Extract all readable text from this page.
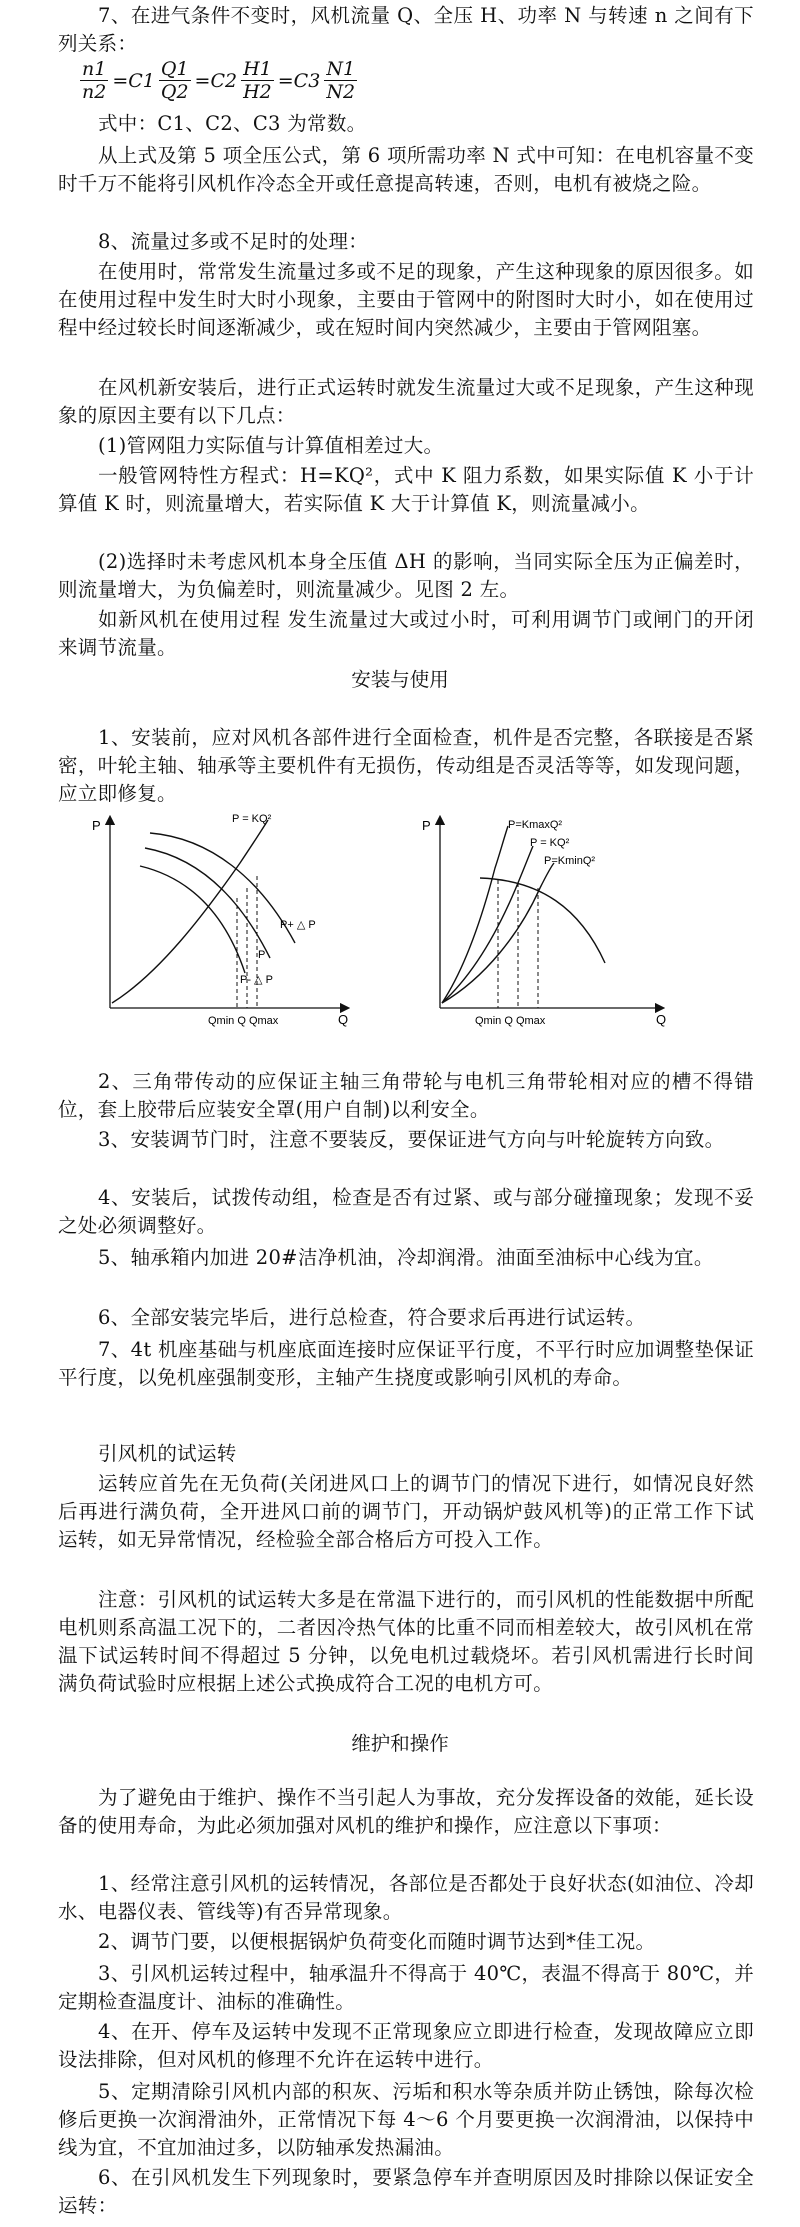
7、在进气条件不变时，风机流量 Q、全压 H、功率 N 与转速 n 之间有下列关系：

$\frac{n1}{n2} =C1 \frac{Q1}{Q2} =C2 \frac{H1}{H2} =C3 \frac{N1}{N2}$

式中：C1、C2、C3 为常数。

从上式及第 5 项全压公式，第 6 项所需功率 N 式中可知：在电机容量不变时千万不能将引风机作冷态全开或任意提高转速，否则，电机有被烧之险。

8、流量过多或不足时的处理：

在使用时，常常发生流量过多或不足的现象，产生这种现象的原因很多。如在使用过程中发生时大时小现象，主要由于管网中的附图时大时小，如在使用过程中经过较长时间逐渐减少，或在短时间内突然减少，主要由于管网阻塞。

在风机新安装后，进行正式运转时就发生流量过大或不足现象，产生这种现象的原因主要有以下几点：

(1)管网阻力实际值与计算值相差过大。

一般管网特性方程式：H=KQ²，式中 K 阻力系数，如果实际值 K 小于计算值 K 时，则流量增大，若实际值 K 大于计算值 K，则流量减小。

(2)选择时未考虑风机本身全压值 ΔH 的影响，当同实际全压为正偏差时，则流量增大，为负偏差时，则流量减少。见图 2 左。

如新风机在使用过程 发生流量过大或过小时，可利用调节门或闸门的开闭来调节流量。

安装与使用

1、安装前，应对风机各部件进行全面检查，机件是否完整，各联接是否紧密，叶轮主轴、轴承等主要机件有无损伤，传动组是否灵活等等，如发现问题，应立即修复。

P
Q
P = KQ²
P+ △ P
P
P- △ P
Qmin Q Qmax
P
Q
P=KmaxQ²
P = KQ²
P=KminQ²
Qmin Q Qmax

2、三角带传动的应保证主轴三角带轮与电机三角带轮相对应的槽不得错位，套上胶带后应装安全罩(用户自制)以利安全。

3、安装调节门时，注意不要装反，要保证进气方向与叶轮旋转方向致。

4、安装后，试拨传动组，检查是否有过紧、或与部分碰撞现象；发现不妥之处必须调整好。

5、轴承箱内加进 20#洁净机油，冷却润滑。油面至油标中心线为宜。

6、全部安装完毕后，进行总检查，符合要求后再进行试运转。

7、4t 机座基础与机座底面连接时应保证平行度，不平行时应加调整垫保证平行度，以免机座强制变形，主轴产生挠度或影响引风机的寿命。

引风机的试运转

运转应首先在无负荷(关闭进风口上的调节门的情况下进行，如情况良好然后再进行满负荷，全开进风口前的调节门，开动锅炉鼓风机等)的正常工作下试运转，如无异常情况，经检验全部合格后方可投入工作。

注意：引风机的试运转大多是在常温下进行的，而引风机的性能数据中所配电机则系高温工况下的，二者因冷热气体的比重不同而相差较大，故引风机在常温下试运转时间不得超过 5 分钟，以免电机过载烧坏。若引风机需进行长时间满负荷试验时应根据上述公式换成符合工况的电机方可。

维护和操作

为了避免由于维护、操作不当引起人为事故，充分发挥设备的效能，延长设备的使用寿命，为此必须加强对风机的维护和操作，应注意以下事项：

1、经常注意引风机的运转情况，各部位是否都处于良好状态(如油位、冷却水、电器仪表、管线等)有否异常现象。

2、调节门要，以便根据锅炉负荷变化而随时调节达到*佳工况。

3、引风机运转过程中，轴承温升不得高于 40℃，表温不得高于 80℃，并定期检查温度计、油标的准确性。

4、在开、停车及运转中发现不正常现象应立即进行检查，发现故障应立即设法排除，但对风机的修理不允许在运转中进行。

5、定期清除引风机内部的积灰、污垢和积水等杂质并防止锈蚀，除每次检修后更换一次润滑油外，正常情况下每 4～6 个月要更换一次润滑油，以保持中线为宜，不宜加油过多，以防轴承发热漏油。

6、在引风机发生下列现象时，要紧急停车并查明原因及时排除以保证安全运转：
